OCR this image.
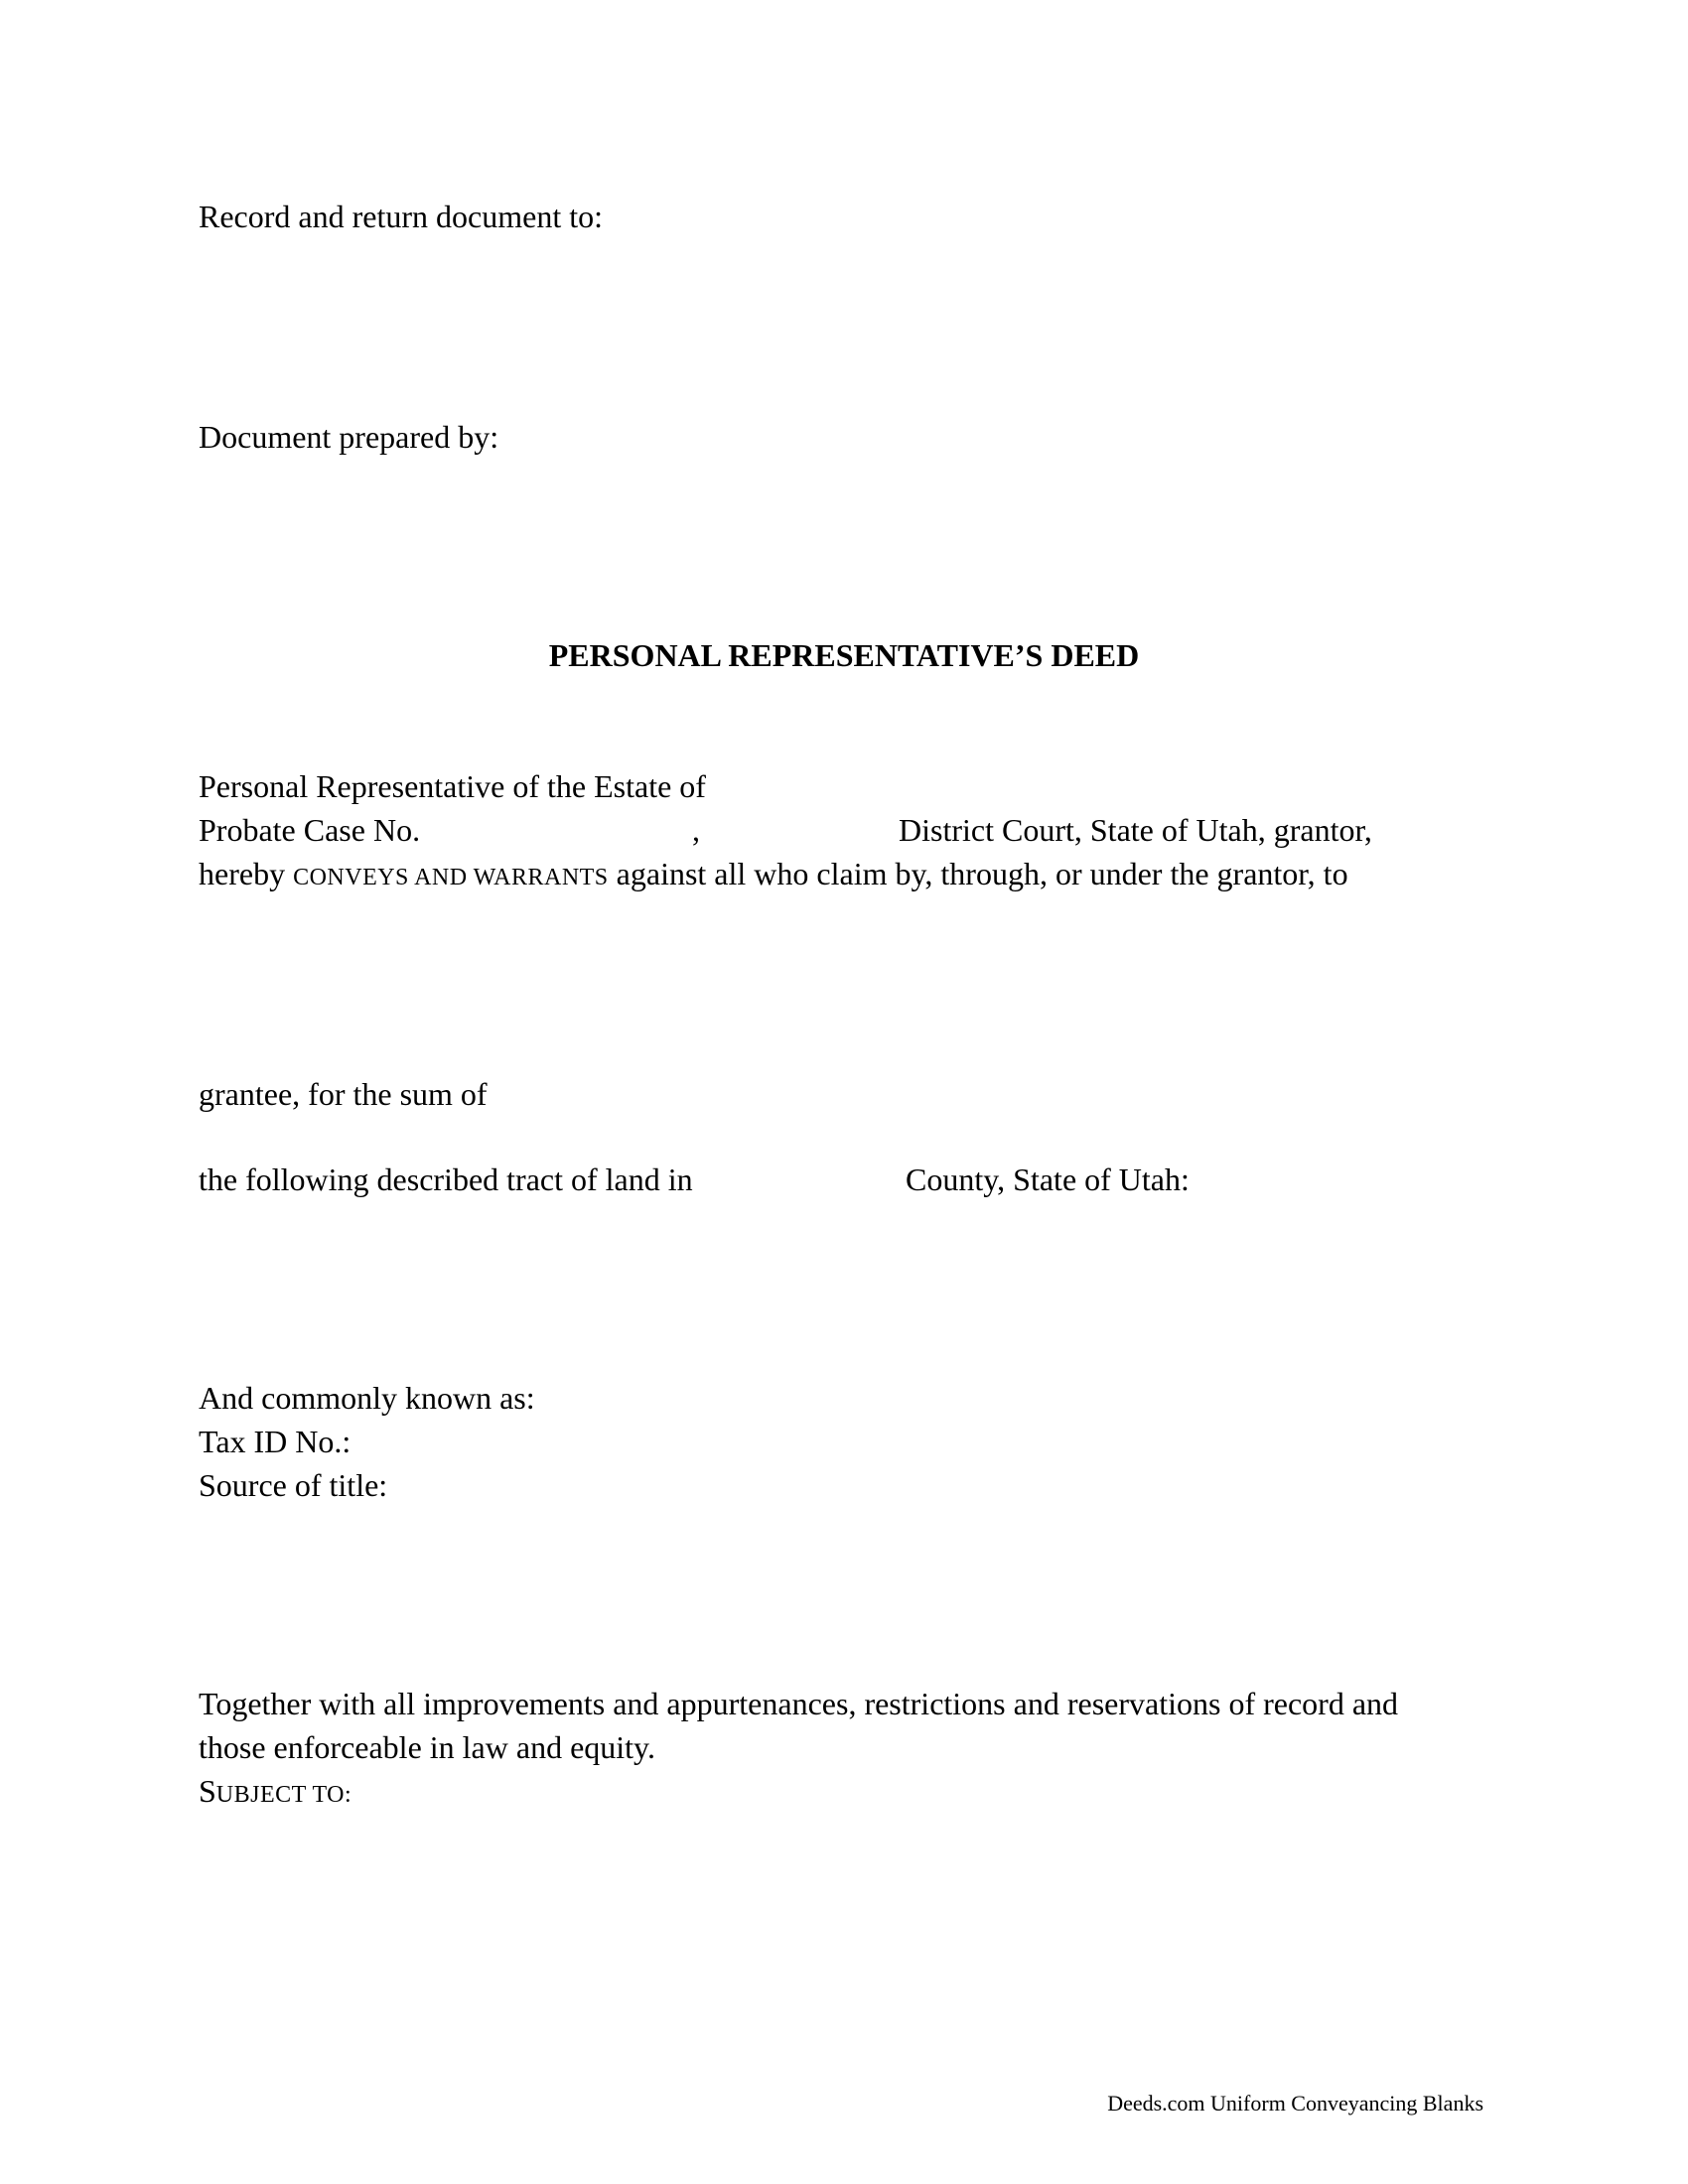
Record and return document to:
Document prepared by:
PERSONAL REPRESENTATIVE’S DEED
Personal Representative of the Estate of
Probate Case No.	,	District Court, State of Utah, grantor,
hereby CONVEYS AND WARRANTS against all who claim by, through, or under the grantor, to
grantee, for the sum of
the following described tract of land in	County, State of Utah:
And commonly known as:
Tax ID No.:
Source of title:
Together with all improvements and appurtenances, restrictions and reservations of record and
those enforceable in law and equity.
SUBJECT TO:
Deeds.com Uniform Conveyancing Blanks
